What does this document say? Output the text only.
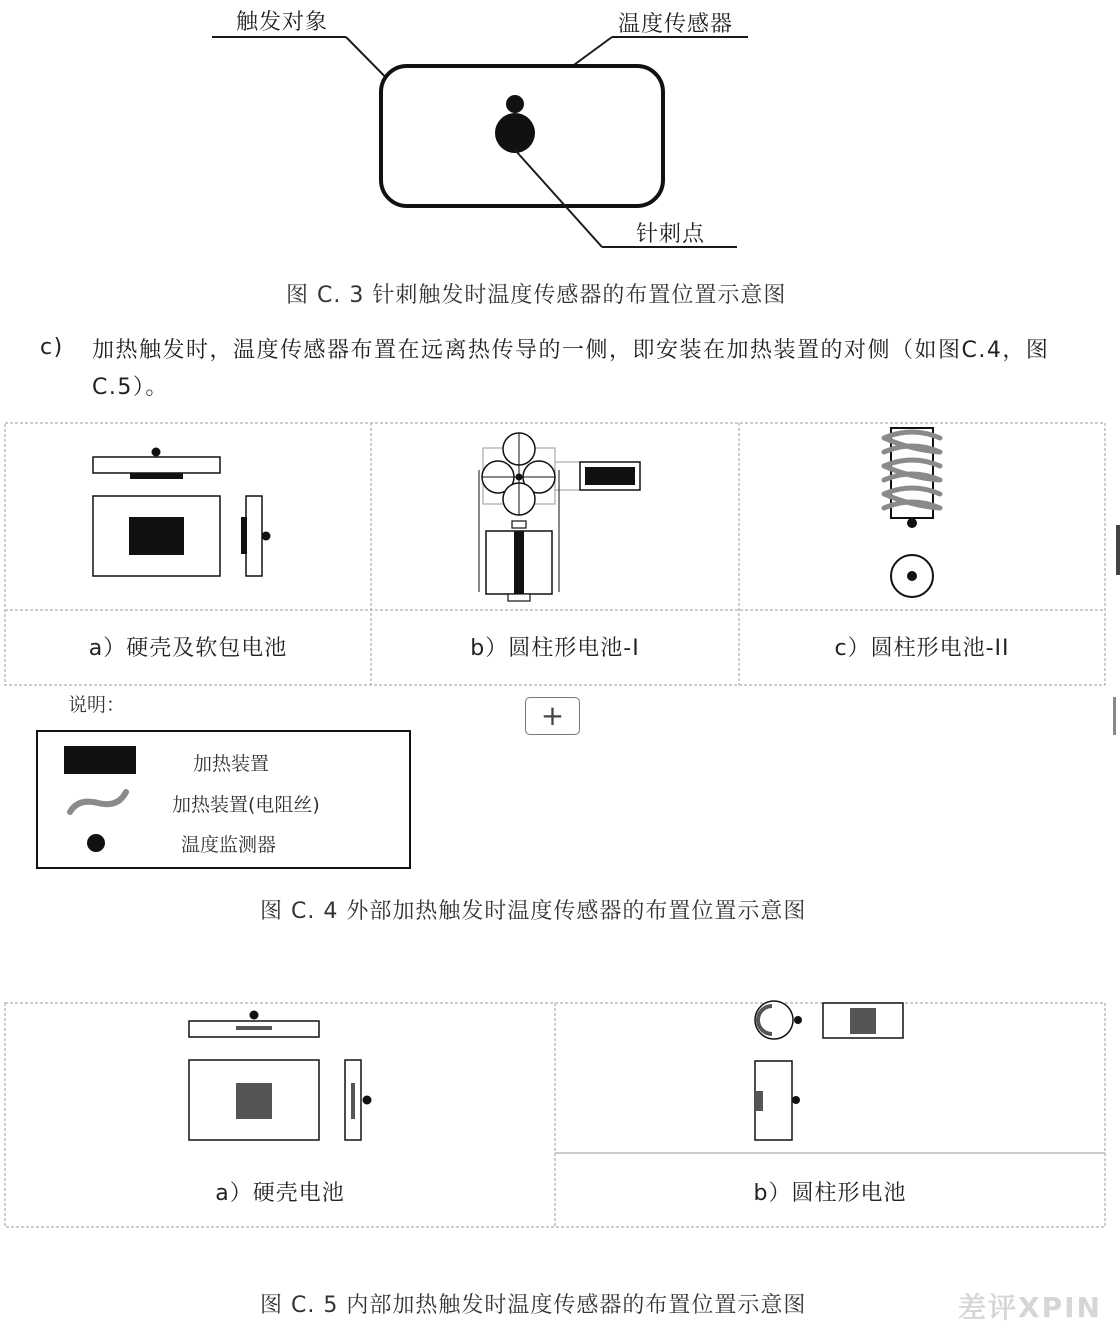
触发对象	温度传感器
针刺点
图 C. 3 针刺触发时温度传感器的布置位置示意图
c) 加热触发时，温度传感器布置在远离热传导的一侧，即安装在加热装置的对侧（如图C.4，图
C.5）。
a）硬壳及软包电池	b）圆柱形电池-Ⅰ	c）圆柱形电池-ⅠⅠ
说明：
加热装置
加热装置(电阻丝)
温度监测器
+
图 C. 4 外部加热触发时温度传感器的布置位置示意图
a）硬壳电池	b）圆柱形电池
图 C. 5 内部加热触发时温度传感器的布置位置示意图	差评XPIN
